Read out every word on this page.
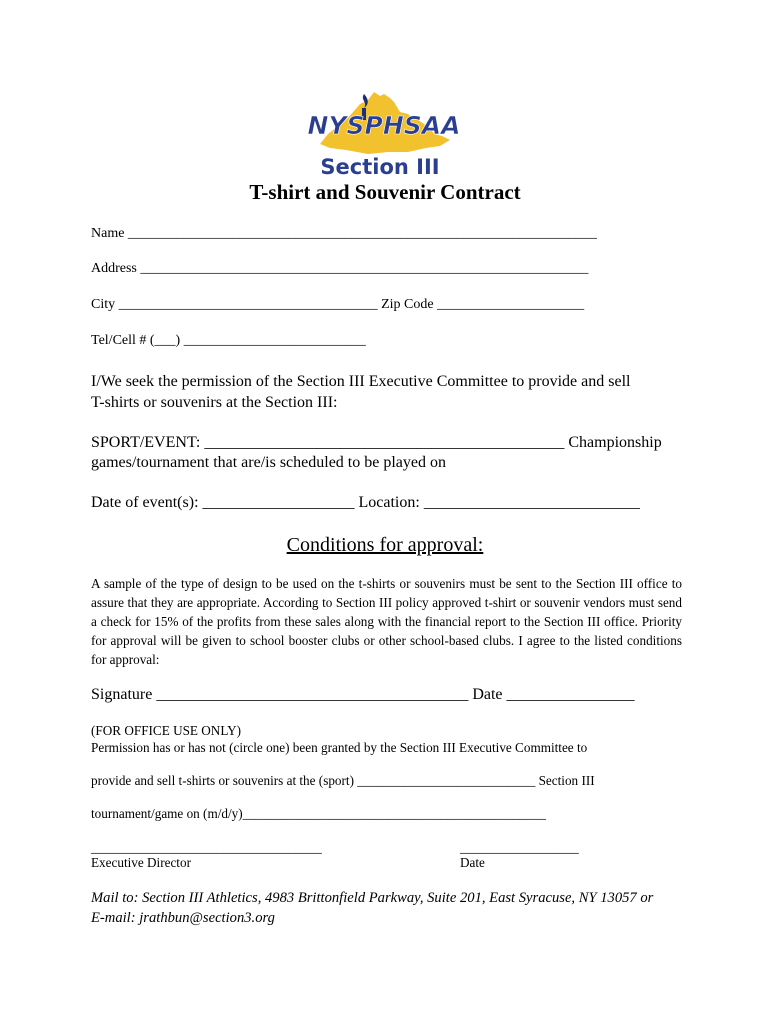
NYSPHSAA
Section III
T-shirt and Souvenir Contract
Name ___________________________________________________________________
Address ________________________________________________________________
City _____________________________________ Zip Code _____________________
Tel/Cell # (___) __________________________
I/We seek the permission of the Section III Executive Committee to provide and sell
T-shirts or souvenirs at the Section III:
SPORT/EVENT: _____________________________________________ Championship
games/tournament that are/is scheduled to be played on
Date of event(s): ___________________ Location: ___________________________
Conditions for approval:
A sample of the type of design to be used on the t-shirts or souvenirs must be sent to the Section III office to assure that they are appropriate. According to Section III policy approved t-shirt or souvenir vendors must send a check for 15% of the profits from these sales along with the financial report to the Section III office. Priority for approval will be given to school booster clubs or other school-based clubs. I agree to the listed conditions for approval:
Signature _______________________________________ Date ________________
(FOR OFFICE USE ONLY)
Permission has or has not (circle one) been granted by the Section III Executive Committee to
provide and sell t-shirts or souvenirs at the (sport) ___________________________ Section III
tournament/game on (m/d/y)______________________________________________
___________________________________
Executive Director
__________________
Date
Mail to: Section III Athletics, 4983 Brittonfield Parkway, Suite 201, East Syracuse, NY 13057 or
E-mail: jrathbun@section3.org
